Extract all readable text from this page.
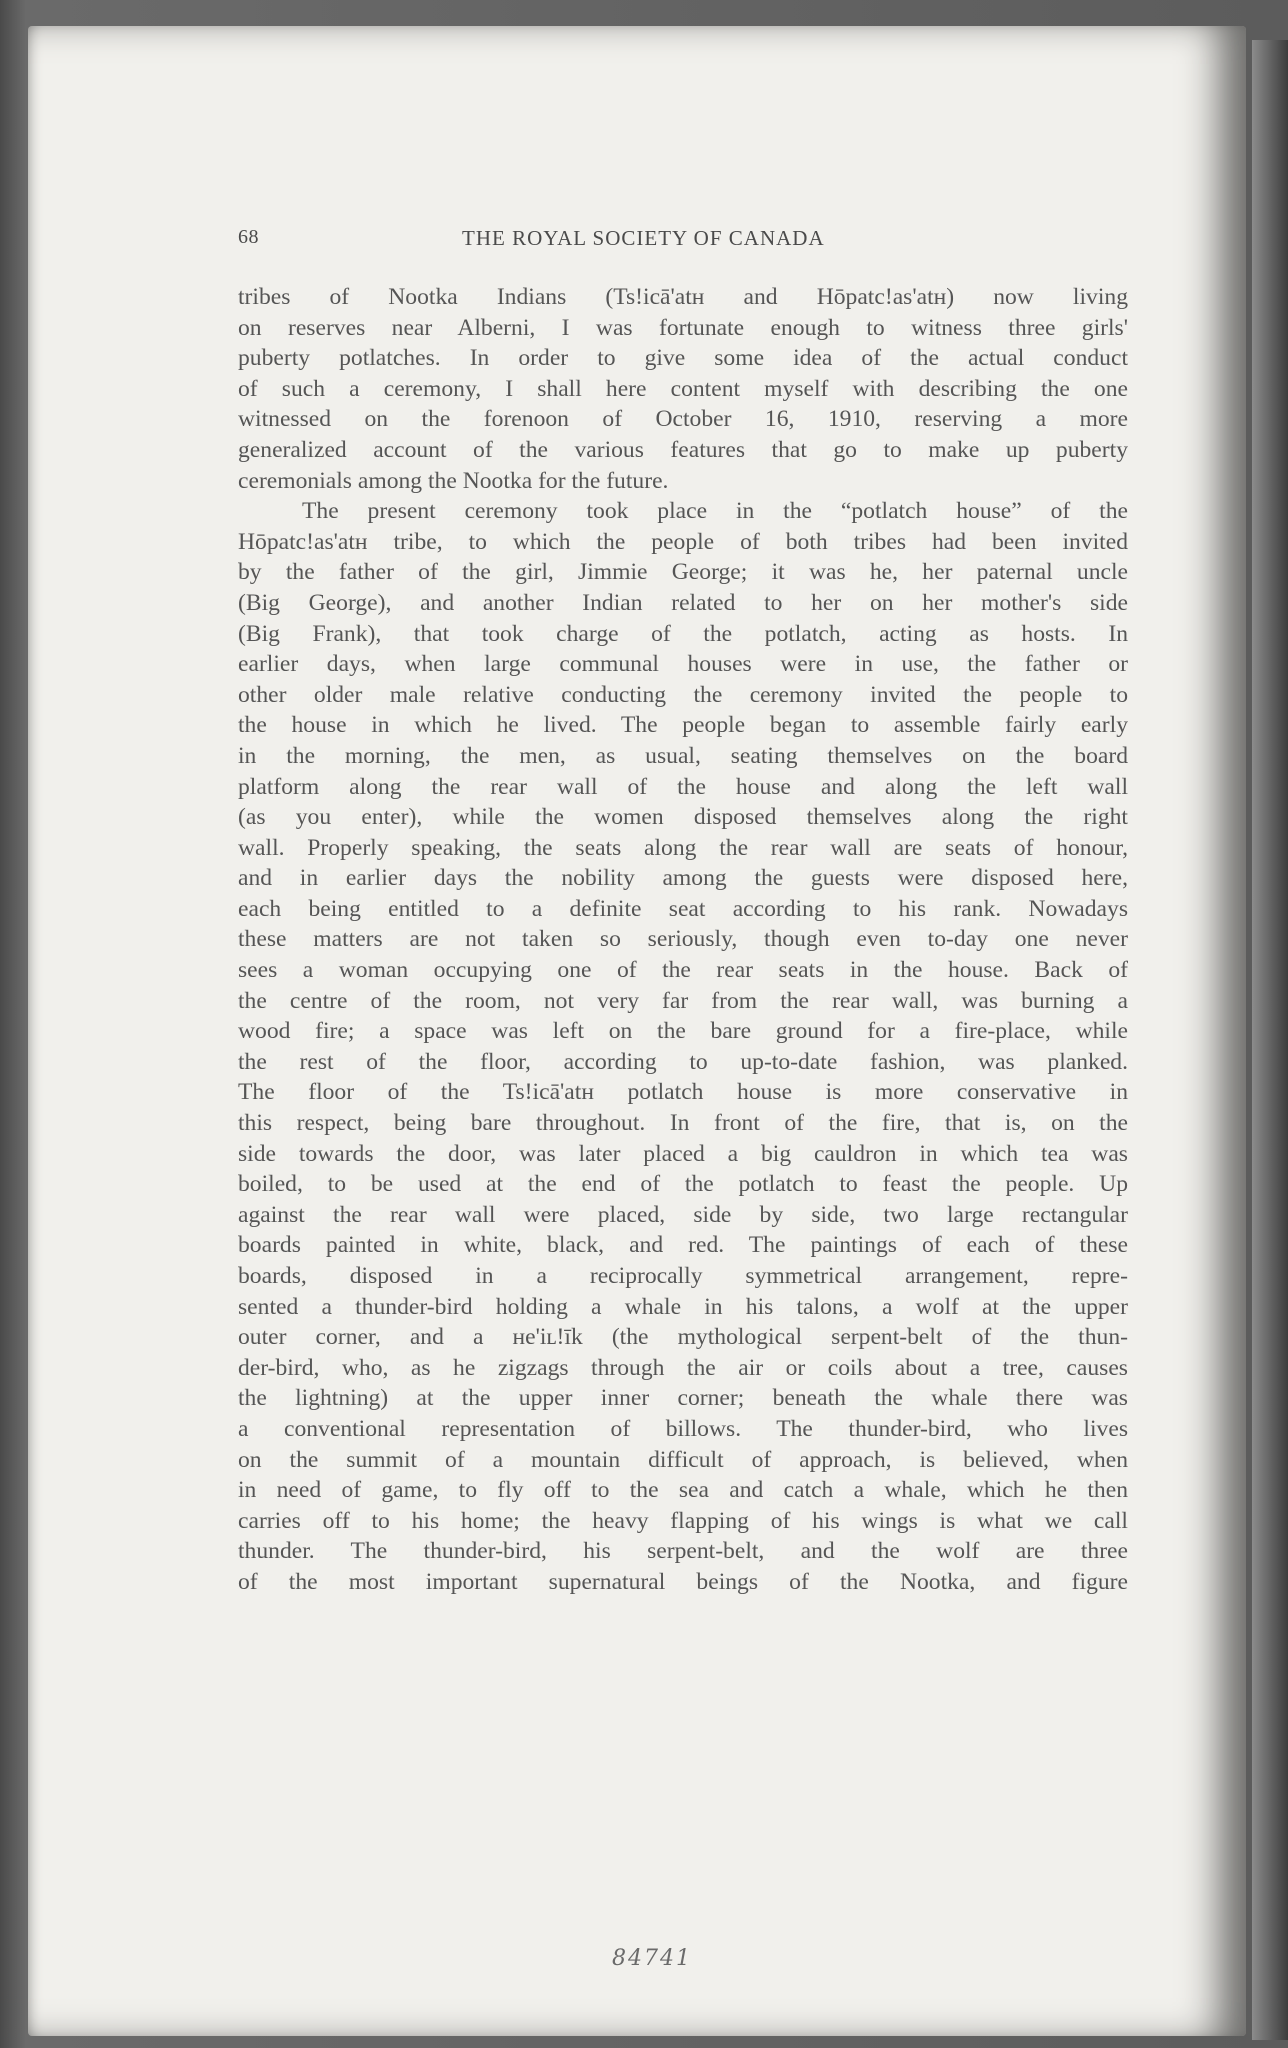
68	THE ROYAL SOCIETY OF CANADA
tribes of Nootka Indians (Ts!icā'atʜ and Hōpatc!as'atʜ) now living
on reserves near Alberni, I was fortunate enough to witness three girls'
puberty potlatches. In order to give some idea of the actual conduct
of such a ceremony, I shall here content myself with describing the one
witnessed on the forenoon of October 16, 1910, reserving a more
generalized account of the various features that go to make up puberty
ceremonials among the Nootka for the future.
The present ceremony took place in the “potlatch house” of the
Hōpatc!as'atʜ tribe, to which the people of both tribes had been invited
by the father of the girl, Jimmie George; it was he, her paternal uncle
(Big George), and another Indian related to her on her mother's side
(Big Frank), that took charge of the potlatch, acting as hosts. In
earlier days, when large communal houses were in use, the father or
other older male relative conducting the ceremony invited the people to
the house in which he lived. The people began to assemble fairly early
in the morning, the men, as usual, seating themselves on the board
platform along the rear wall of the house and along the left wall
(as you enter), while the women disposed themselves along the right
wall. Properly speaking, the seats along the rear wall are seats of honour,
and in earlier days the nobility among the guests were disposed here,
each being entitled to a definite seat according to his rank. Nowadays
these matters are not taken so seriously, though even to-day one never
sees a woman occupying one of the rear seats in the house. Back of
the centre of the room, not very far from the rear wall, was burning a
wood fire; a space was left on the bare ground for a fire-place, while
the rest of the floor, according to up-to-date fashion, was planked.
The floor of the Ts!icā'atʜ potlatch house is more conservative in
this respect, being bare throughout. In front of the fire, that is, on the
side towards the door, was later placed a big cauldron in which tea was
boiled, to be used at the end of the potlatch to feast the people. Up
against the rear wall were placed, side by side, two large rectangular
boards painted in white, black, and red. The paintings of each of these
boards, disposed in a reciprocally symmetrical arrangement, repre-
sented a thunder-bird holding a whale in his talons, a wolf at the upper
outer corner, and a ʜe'iʟ!īk (the mythological serpent-belt of the thun-
der-bird, who, as he zigzags through the air or coils about a tree, causes
the lightning) at the upper inner corner; beneath the whale there was
a conventional representation of billows. The thunder-bird, who lives
on the summit of a mountain difficult of approach, is believed, when
in need of game, to fly off to the sea and catch a whale, which he then
carries off to his home; the heavy flapping of his wings is what we call
thunder. The thunder-bird, his serpent-belt, and the wolf are three
of the most important supernatural beings of the Nootka, and figure
84741
